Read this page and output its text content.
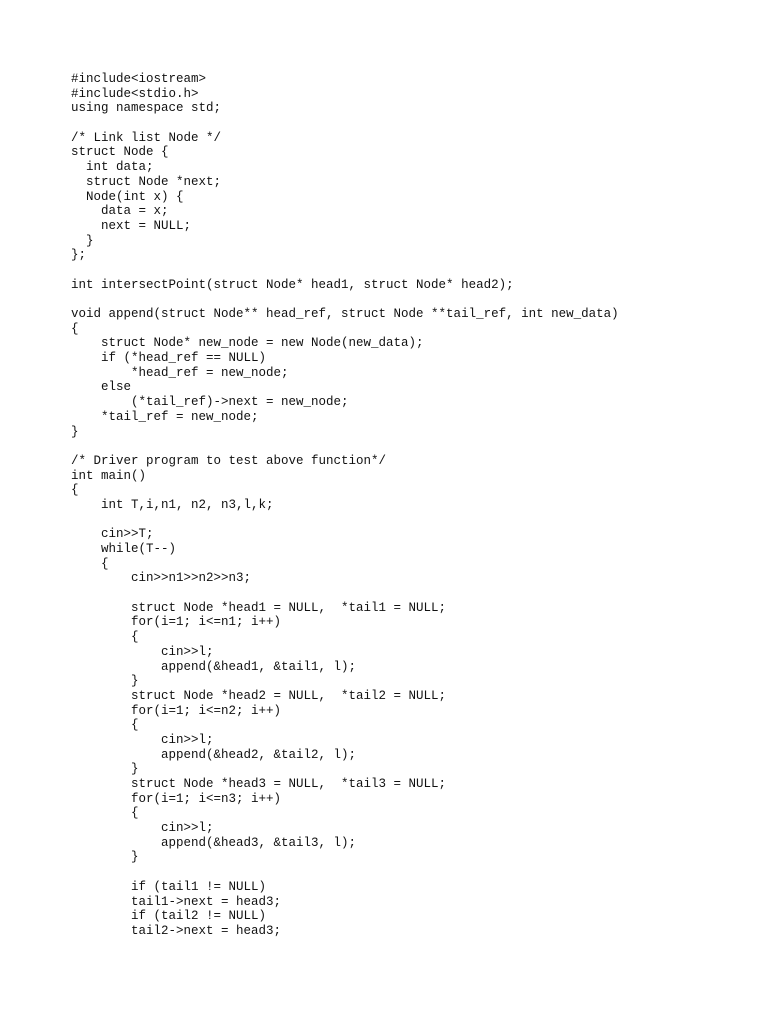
#include<iostream>
#include<stdio.h>
using namespace std;
/* Link list Node */
struct Node {
int data;
struct Node *next;
Node(int x) {
data = x;
next = NULL;
}
};
int intersectPoint(struct Node* head1, struct Node* head2);
void append(struct Node** head_ref, struct Node **tail_ref, int new_data)
{
struct Node* new_node = new Node(new_data);
if (*head_ref == NULL)
*head_ref = new_node;
else
(*tail_ref)->next = new_node;
*tail_ref = new_node;
}
/* Driver program to test above function*/
int main()
{
int T,i,n1, n2, n3,l,k;
cin>>T;
while(T--)
{
cin>>n1>>n2>>n3;
struct Node *head1 = NULL,  *tail1 = NULL;
for(i=1; i<=n1; i++)
{
cin>>l;
append(&head1, &tail1, l);
}
struct Node *head2 = NULL,  *tail2 = NULL;
for(i=1; i<=n2; i++)
{
cin>>l;
append(&head2, &tail2, l);
}
struct Node *head3 = NULL,  *tail3 = NULL;
for(i=1; i<=n3; i++)
{
cin>>l;
append(&head3, &tail3, l);
}
if (tail1 != NULL)
tail1->next = head3;
if (tail2 != NULL)
tail2->next = head3;
